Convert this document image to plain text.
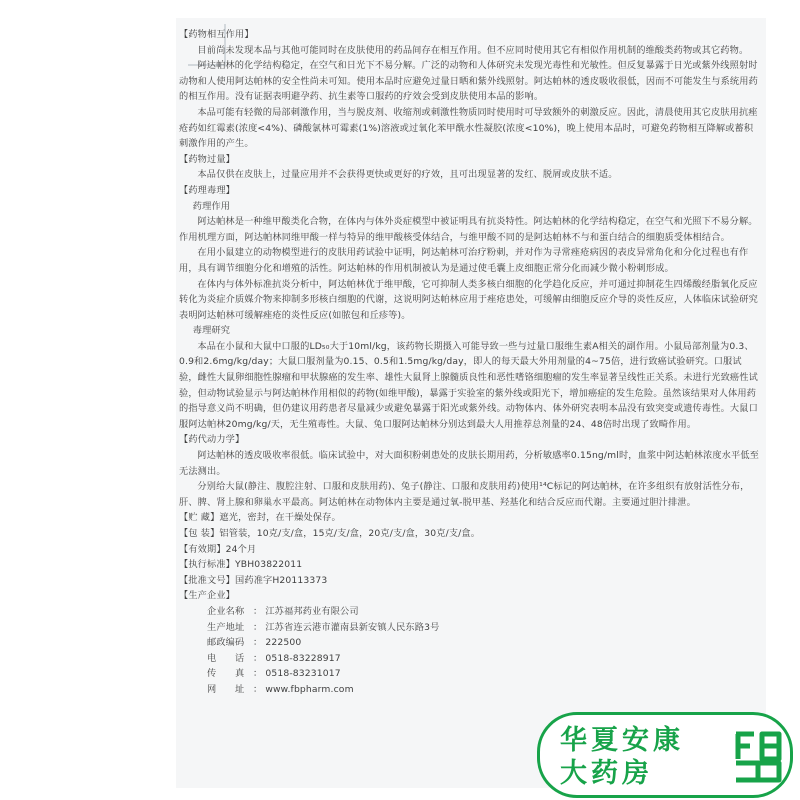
【药物相互作用】

目前尚未发现本品与其他可能同时在皮肤使用的药品间存在相互作用。但不应同时使用其它有相似作用机制的维酸类药物或其它药物。

阿达帕林的化学结构稳定，在空气和日光下不易分解。广泛的动物和人体研究未发现光毒性和光敏性。但反复暴露于日光或紫外线照射时动物和人使用阿达帕林的安全性尚未可知。使用本品时应避免过量日晒和紫外线照射。阿达帕林的透皮吸收很低，因而不可能发生与系统用药的相互作用。没有证据表明避孕药、抗生素等口服药的疗效会受到皮肤使用本品的影响。

本品可能有轻微的局部刺激作用，当与脱皮剂、收缩剂或刺激性物质同时使用时可导致额外的刺激反应。因此，清晨使用其它皮肤用抗痤疮药如红霉素(浓度<4%)、磷酸氯林可霉素(1%)溶液或过氧化苯甲酰水性凝胶(浓度<10%)，晚上使用本品时，可避免药物相互降解或蓄积刺激作用的产生。

【药物过量】

本品仅供在皮肤上，过量应用并不会获得更快或更好的疗效，且可出现显著的发红、脱屑或皮肤不适。

【药理毒理】

药理作用

阿达帕林是一种维甲酸类化合物，在体内与体外炎症模型中被证明具有抗炎特性。阿达帕林的化学结构稳定，在空气和光照下不易分解。作用机理方面，阿达帕林同维甲酸一样与特异的维甲酸核受体结合，与维甲酸不同的是阿达帕林不与和蛋白结合的细胞质受体相结合。

在用小鼠建立的动物模型进行的皮肤用药试验中证明，阿达帕林可治疗粉刺，并对作为寻常痤疮病因的表皮异常角化和分化过程也有作用，具有调节细胞分化和增殖的活性。阿达帕林的作用机制被认为是通过使毛囊上皮细胞正常分化而减少微小粉刺形成。

在体内与体外标准抗炎分析中，阿达帕林优于维甲酸，它可抑制人类多核白细胞的化学趋化反应，并可通过抑制花生四烯酸经脂氧化反应转化为炎症介质媒介物来抑制多形核白细胞的代谢，这说明阿达帕林应用于痤疮患处，可缓解由细胞反应介导的炎性反应，人体临床试验研究表明阿达帕林可缓解痤疮的炎性反应(如脓包和丘疹等)。

毒理研究

本品在小鼠和大鼠中口服的LD₅₀大于10ml/kg，该药物长期摄入可能导致一些与过量口服维生素A相关的副作用。小鼠局部剂量为0.3、0.9和2.6mg/kg/day；大鼠口服剂量为0.15、0.5和1.5mg/kg/day，即人的每天最大外用剂量的4~75倍，进行致癌试验研究。口服试验，雌性大鼠卵细胞性腺瘤和甲状腺癌的发生率、雄性大鼠肾上腺髓质良性和恶性嗜铬细胞瘤的发生率显著呈线性正关系。未进行光致癌性试验，但动物试验显示与阿达帕林作用相似的药物(如维甲酸)，暴露于实验室的紫外线或阳光下，增加癌症的发生危险。虽然该结果对人体用药的指导意义尚不明确，但仍建议用药患者尽量减少或避免暴露于阳光或紫外线。动物体内、体外研究表明本品没有致突变或遗传毒性。大鼠口服阿达帕林20mg/kg/天，无生殖毒性。大鼠、兔口服阿达帕林分别达到最大人用推荐总剂量的24、48倍时出现了致畸作用。

【药代动力学】

阿达帕林的透皮吸收率很低。临床试验中，对大面积粉刺患处的皮肤长期用药，分析敏感率0.15ng/ml时，血浆中阿达帕林浓度水平低至无法测出。

分别给大鼠(静注、腹腔注射、口服和皮肤用药)、兔子(静注、口服和皮肤用药)使用¹⁴C标记的阿达帕林，在许多组织有放射活性分布，肝、脾、肾上腺和卵巢水平最高。阿达帕林在动物体内主要是通过氧-脱甲基、羟基化和结合反应而代谢。主要通过胆汁排泄。

【贮 藏】遮光，密封，在干燥处保存。

【包 装】铝管装，10克/支/盒，15克/支/盒，20克/支/盒，30克/支/盒。

【有效期】24个月

【执行标准】YBH03822011

【批准文号】国药准字H20113373

【生产企业】

企业名称 ： 江苏福邦药业有限公司

生产地址 ： 江苏省连云港市灌南县新安镇人民东路3号

邮政编码 ： 222500

电　　话 ： 0518-83228917

传　　真 ： 0518-83231017

网　　址 ： www.fbpharm.com

华夏安康
大药房
